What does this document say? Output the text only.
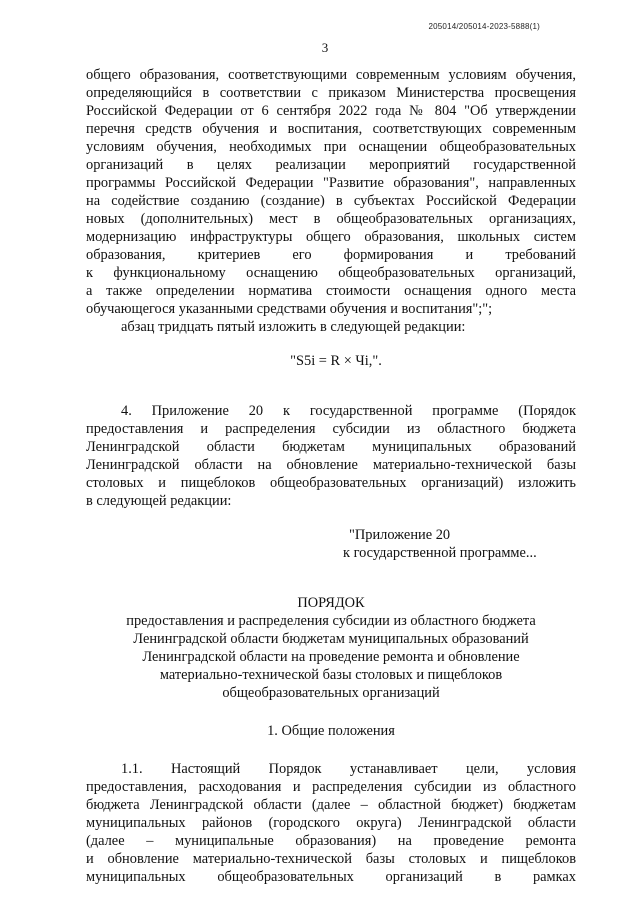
205014/205014-2023-5888(1)
3

общего образования, соответствующими современным условиям обучения,

определяющийся в соответствии с приказом Министерства просвещения

Российской Федерации от 6 сентября 2022 года № 804 "Об утверждении

перечня средств обучения и воспитания, соответствующих современным

условиям обучения, необходимых при оснащении общеобразовательных

организаций в целях реализации мероприятий государственной

программы Российской Федерации "Развитие образования", направленных

на содействие созданию (создание) в субъектах Российской Федерации

новых (дополнительных) мест в общеобразовательных организациях,

модернизацию инфраструктуры общего образования, школьных систем

образования, критериев его формирования и требований

к функциональному оснащению общеобразовательных организаций,

а также определении норматива стоимости оснащения одного места

обучающегося указанными средствами обучения и воспитания";";

абзац тридцать пятый изложить в следующей редакции:

"S5i = R × Чi,".

4. Приложение 20 к государственной программе (Порядок

предоставления и распределения субсидии из областного бюджета

Ленинградской области бюджетам муниципальных образований

Ленинградской области на обновление материально-технической базы

столовых и пищеблоков общеобразовательных организаций) изложить

в следующей редакции:

"Приложение 20

к государственной программе...

ПОРЯДОК

предоставления и распределения субсидии из областного бюджета

Ленинградской области бюджетам муниципальных образований

Ленинградской области на проведение ремонта и обновление

материально-технической базы столовых и пищеблоков

общеобразовательных организаций

1. Общие положения

1.1. Настоящий Порядок устанавливает цели, условия

предоставления, расходования и распределения субсидии из областного

бюджета Ленинградской области (далее – областной бюджет) бюджетам

муниципальных районов (городского округа) Ленинградской области

(далее – муниципальные образования) на проведение ремонта

и обновление материально-технической базы столовых и пищеблоков

муниципальных общеобразовательных организаций в рамках
